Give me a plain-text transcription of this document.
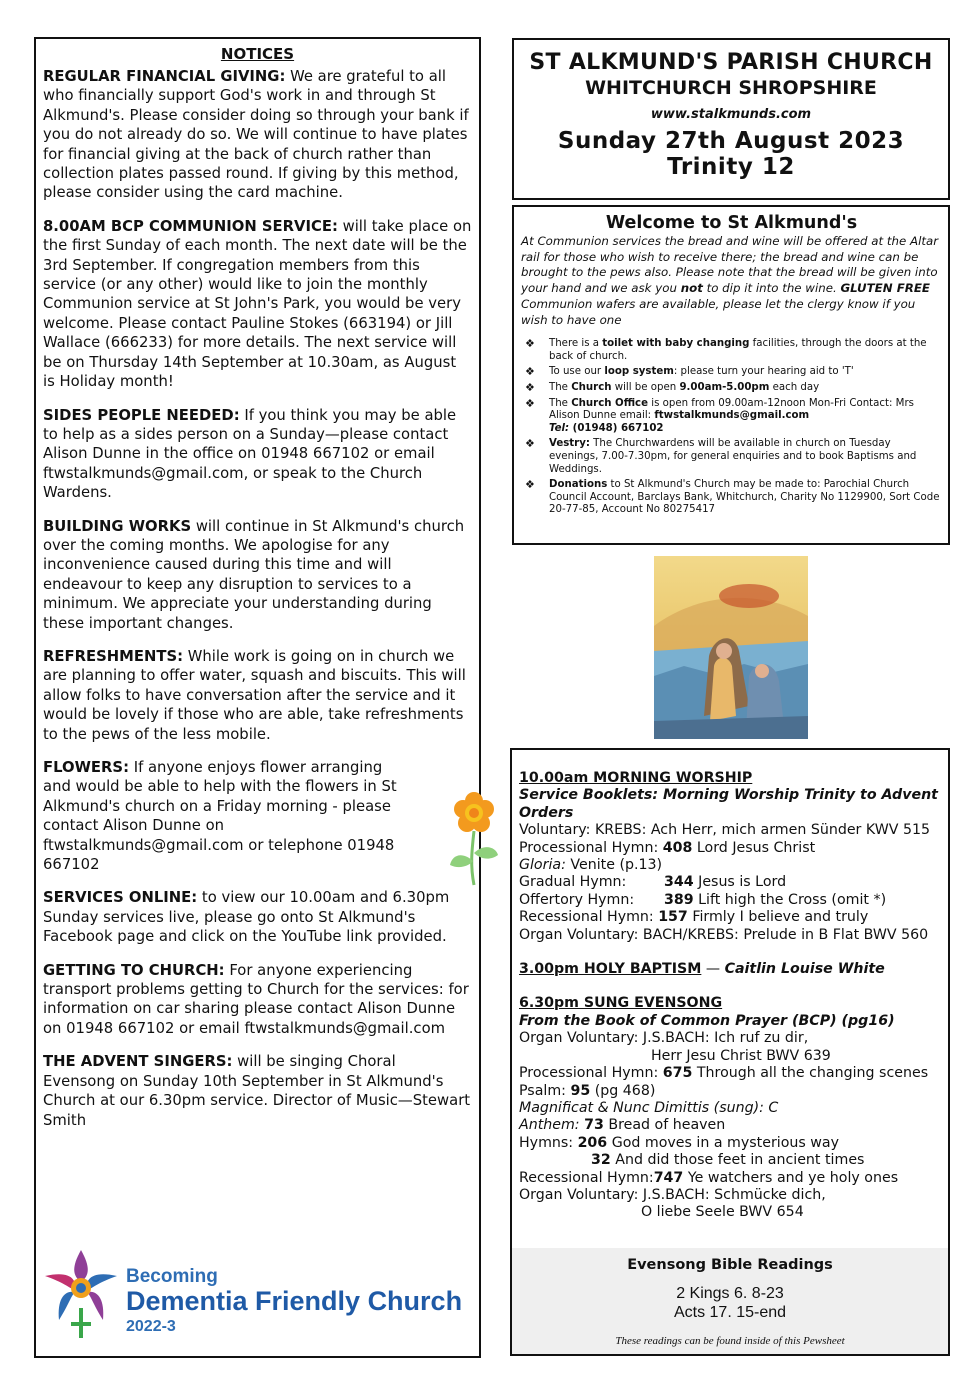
NOTICES

REGULAR FINANCIAL GIVING: We are grateful to all who financially support God's work in and through St Alkmund's. Please consider doing so through your bank if you do not already do so. We will continue to have plates for financial giving at the back of church rather than collection plates passed round. If giving by this method, please consider using the card machine.

8.00AM BCP COMMUNION SERVICE: will take place on the first Sunday of each month. The next date will be the 3rd September. If congregation members from this service (or any other) would like to join the monthly Communion service at St John's Park, you would be very welcome. Please contact Pauline Stokes (663194) or Jill Wallace (666233) for more details. The next service will be on Thursday 14th September at 10.30am, as August is Holiday month!

SIDES PEOPLE NEEDED: If you think you may be able to help as a sides person on a Sunday—please contact Alison Dunne in the office on 01948 667102 or email ftwstalkmunds@gmail.com, or speak to the Church Wardens.

BUILDING WORKS will continue in St Alkmund's church over the coming months. We apologise for any inconvenience caused during this time and will endeavour to keep any disruption to services to a minimum. We appreciate your understanding during these important changes.

REFRESHMENTS: While work is going on in church we are planning to offer water, squash and biscuits. This will allow folks to have conversation after the service and it would be lovely if those who are able, take refreshments to the pews of the less mobile.

FLOWERS: If anyone enjoys flower arranging and would be able to help with the flowers in St Alkmund's church on a Friday morning - please contact Alison Dunne on ftwstalkmunds@gmail.com or telephone 01948 667102

SERVICES ONLINE: to view our 10.00am and 6.30pm Sunday services live, please go onto St Alkmund's Facebook page and click on the YouTube link provided.

GETTING TO CHURCH: For anyone experiencing transport problems getting to Church for the services: for information on car sharing please contact Alison Dunne on 01948 667102 or email ftwstalkmunds@gmail.com

THE ADVENT SINGERS: will be singing Choral Evensong on Sunday 10th September in St Alkmund's Church at our 6.30pm service. Director of Music—Stewart Smith

Becoming
Dementia Friendly Church
2022-3
ST ALKMUND'S PARISH CHURCH
WHITCHURCH SHROPSHIRE
www.stalkmunds.com
Sunday 27th August 2023
Trinity 12
Welcome to St Alkmund's
At Communion services the bread and wine will be offered at the Altar rail for those who wish to receive there; the bread and wine can be brought to the pews also. Please note that the bread will be given into your hand and we ask you not to dip it into the wine. GLUTEN FREE Communion wafers are available, please let the clergy know if you wish to have one
❖ There is a toilet with baby changing facilities, through the doors at the back of church.
❖ To use our loop system: please turn your hearing aid to 'T'
❖ The Church will be open 9.00am-5.00pm each day
❖ The Church Office is open from 09.00am-12noon Mon-Fri Contact: Mrs Alison Dunne email: ftwstalkmunds@gmail.com
Tel: (01948) 667102
❖ Vestry: The Churchwardens will be available in church on Tuesday evenings, 7.00-7.30pm, for general enquiries and to book Baptisms and Weddings.
❖ Donations to St Alkmund's Church may be made to: Parochial Church Council Account, Barclays Bank, Whitchurch, Charity No 1129900, Sort Code 20-77-85, Account No 80275417
10.00am MORNING WORSHIP
Service Booklets: Morning Worship Trinity to Advent Orders
Voluntary: KREBS: Ach Herr, mich armen Sünder KWV 515
Processional Hymn: 408 Lord Jesus Christ
Gloria: Venite (p.13)
Gradual Hymn:	344 Jesus is Lord
Offertory Hymn: 389 Lift high the Cross (omit *)
Recessional Hymn: 157 Firmly I believe and truly
Organ Voluntary: BACH/KREBS: Prelude in B Flat BWV 560
3.00pm HOLY BAPTISM — Caitlin Louise White
6.30pm SUNG EVENSONG
From the Book of Common Prayer (BCP) (pg16)
Organ Voluntary: J.S.BACH: Ich ruf zu dir,
Herr Jesu Christ BWV 639
Processional Hymn: 675 Through all the changing scenes
Psalm: 95 (pg 468)
Magnificat & Nunc Dimittis (sung): C
Anthem: 73 Bread of heaven
Hymns: 206 God moves in a mysterious way
32 And did those feet in ancient times
Recessional Hymn:747 Ye watchers and ye holy ones
Organ Voluntary: J.S.BACH: Schmücke dich,
O liebe Seele BWV 654
Evensong Bible Readings
2 Kings 6. 8-23
Acts 17. 15-end
These readings can be found inside of this Pewsheet
